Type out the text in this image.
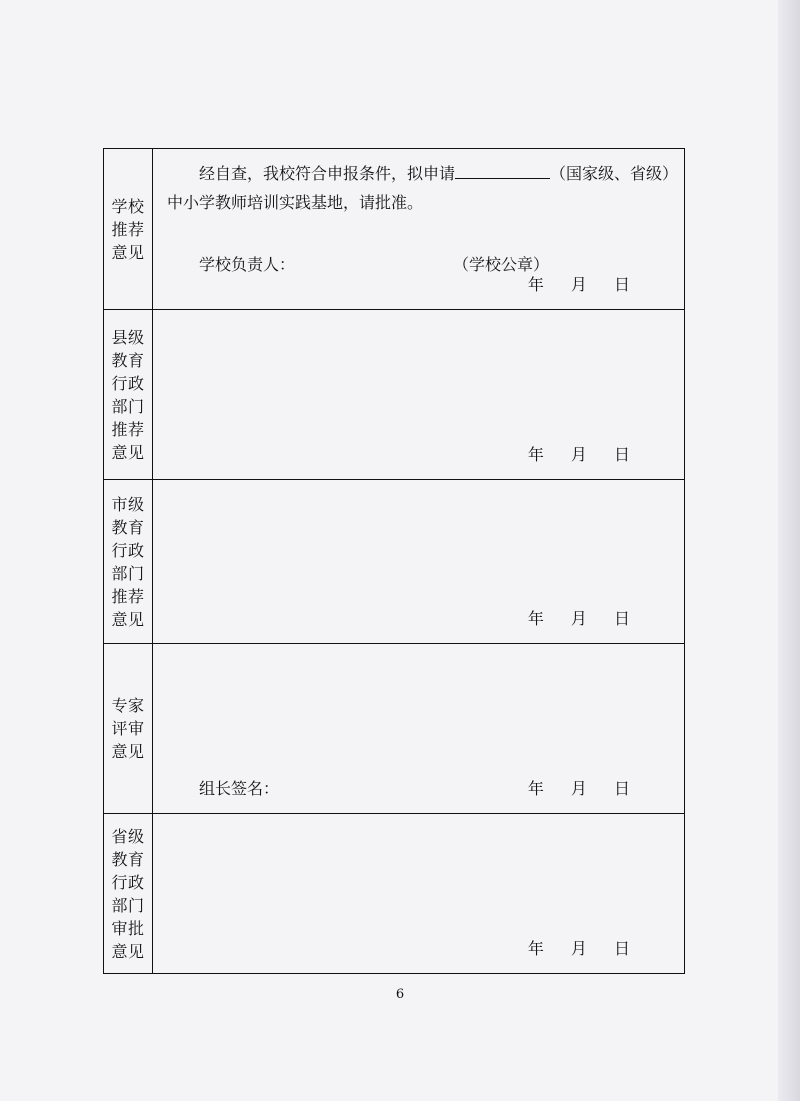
学校推荐意见	经自查，我校符合申报条件，拟申请 （国家级、省级）中小学教师培训实践基地，请批准。
学校负责人： （学校公章）
年 月 日

县级教育行政部门推荐意见	年 月 日

市级教育行政部门推荐意见	年 月 日

专家评审意见	组长签名： 年 月 日

省级教育行政部门审批意见	年 月 日
6
